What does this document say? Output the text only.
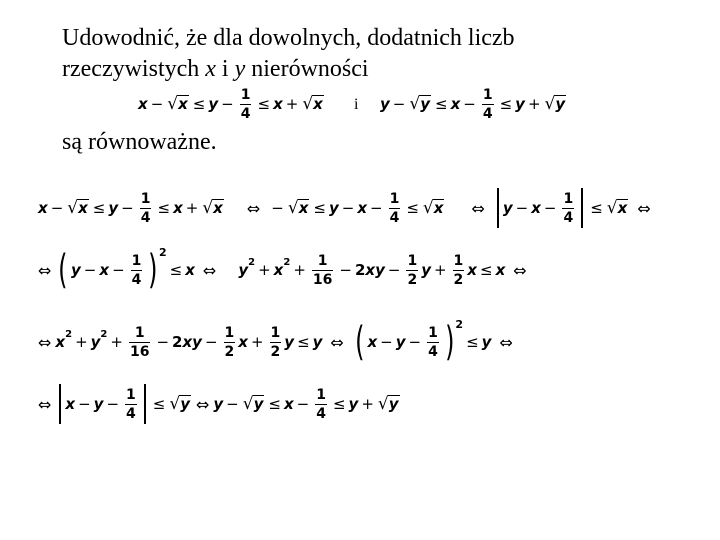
Udowodnić, że dla dowolnych, dodatnich liczb
rzeczywistych x i y nierówności
x − √ $x \le y - \frac{1}{4} \le x$ + √ x i y − √ $y \le x - \frac{1}{4} \le y$ + √ y
są równoważne.
x − √ $x \le y - \frac{1}{4} \le x$ + √ x ⇔ − √ $x \le y - x - \frac{1}{4}$ ≤ √ x ⇔ $y - x - \frac{1}{4}$ ≤ √ x ⇔
⇔ ( $y - x - \frac{1}{4}$ ) 2
≤ x ⇔ y 2 + x $2 + \frac{1}{16} - 2$ x $y - \frac{1}{2}$ $y + \frac{1}{2}$ x ≤ x ⇔
⇔ x 2 + y $2 + \frac{1}{16} - 2$ x $y - \frac{1}{2}$ $x + \frac{1}{2}$ y ≤ y ⇔ ( $x - y - \frac{1}{4}$ ) 2
≤ y ⇔
⇔ $x - y - \frac{1}{4}$ ≤ √ y ⇔ y − √ $y \le x - \frac{1}{4} \le y$ + √ y
